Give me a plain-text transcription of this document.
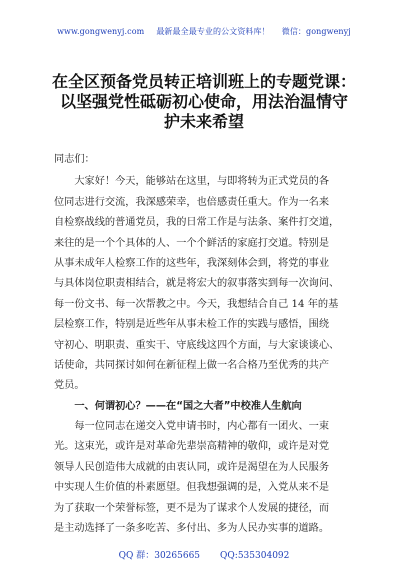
www.gongwenyj.com 最新最全最专业的公文资料库！ 微信：gongwenyj
在全区预备党员转正培训班上的专题党课：
以坚强党性砥砺初心使命，用法治温情守
护未来希望

同志们：

　　大家好！今天，能够站在这里，与即将转为正式党员的各
位同志进行交流，我深感荣幸，也倍感责任重大。作为一名来
自检察战线的普通党员，我的日常工作是与法条、案件打交道，
来往的是一个个具体的人、一个个鲜活的家庭打交道。特别是
从事未成年人检察工作的这些年，我深刻体会到，将党的事业
与具体岗位职责相结合，就是将宏大的叙事落实到每一次询问、
每一份文书、每一次帮教之中。今天，我想结合自己 14 年的基
层检察工作，特别是近些年从事未检工作的实践与感悟，围绕
守初心、明职责、重实干、守底线这四个方面，与大家谈谈心、
话使命，共同探讨如何在新征程上做一名合格乃至优秀的共产
党员。
　　一、何谓初心？——在“国之大者”中校准人生航向
　　每一位同志在递交入党申请书时，内心都有一团火、一束
光。这束光，或许是对革命先辈崇高精神的敬仰，或许是对党
领导人民创造伟大成就的由衷认同，或许是渴望在为人民服务
中实现人生价值的朴素愿望。但我想强调的是，入党从来不是
为了获取一个荣誉标签，更不是为了谋求个人发展的捷径，而
是主动选择了一条多吃苦、多付出、多为人民办实事的道路。
QQ 群：30265665 QQ:535304092
